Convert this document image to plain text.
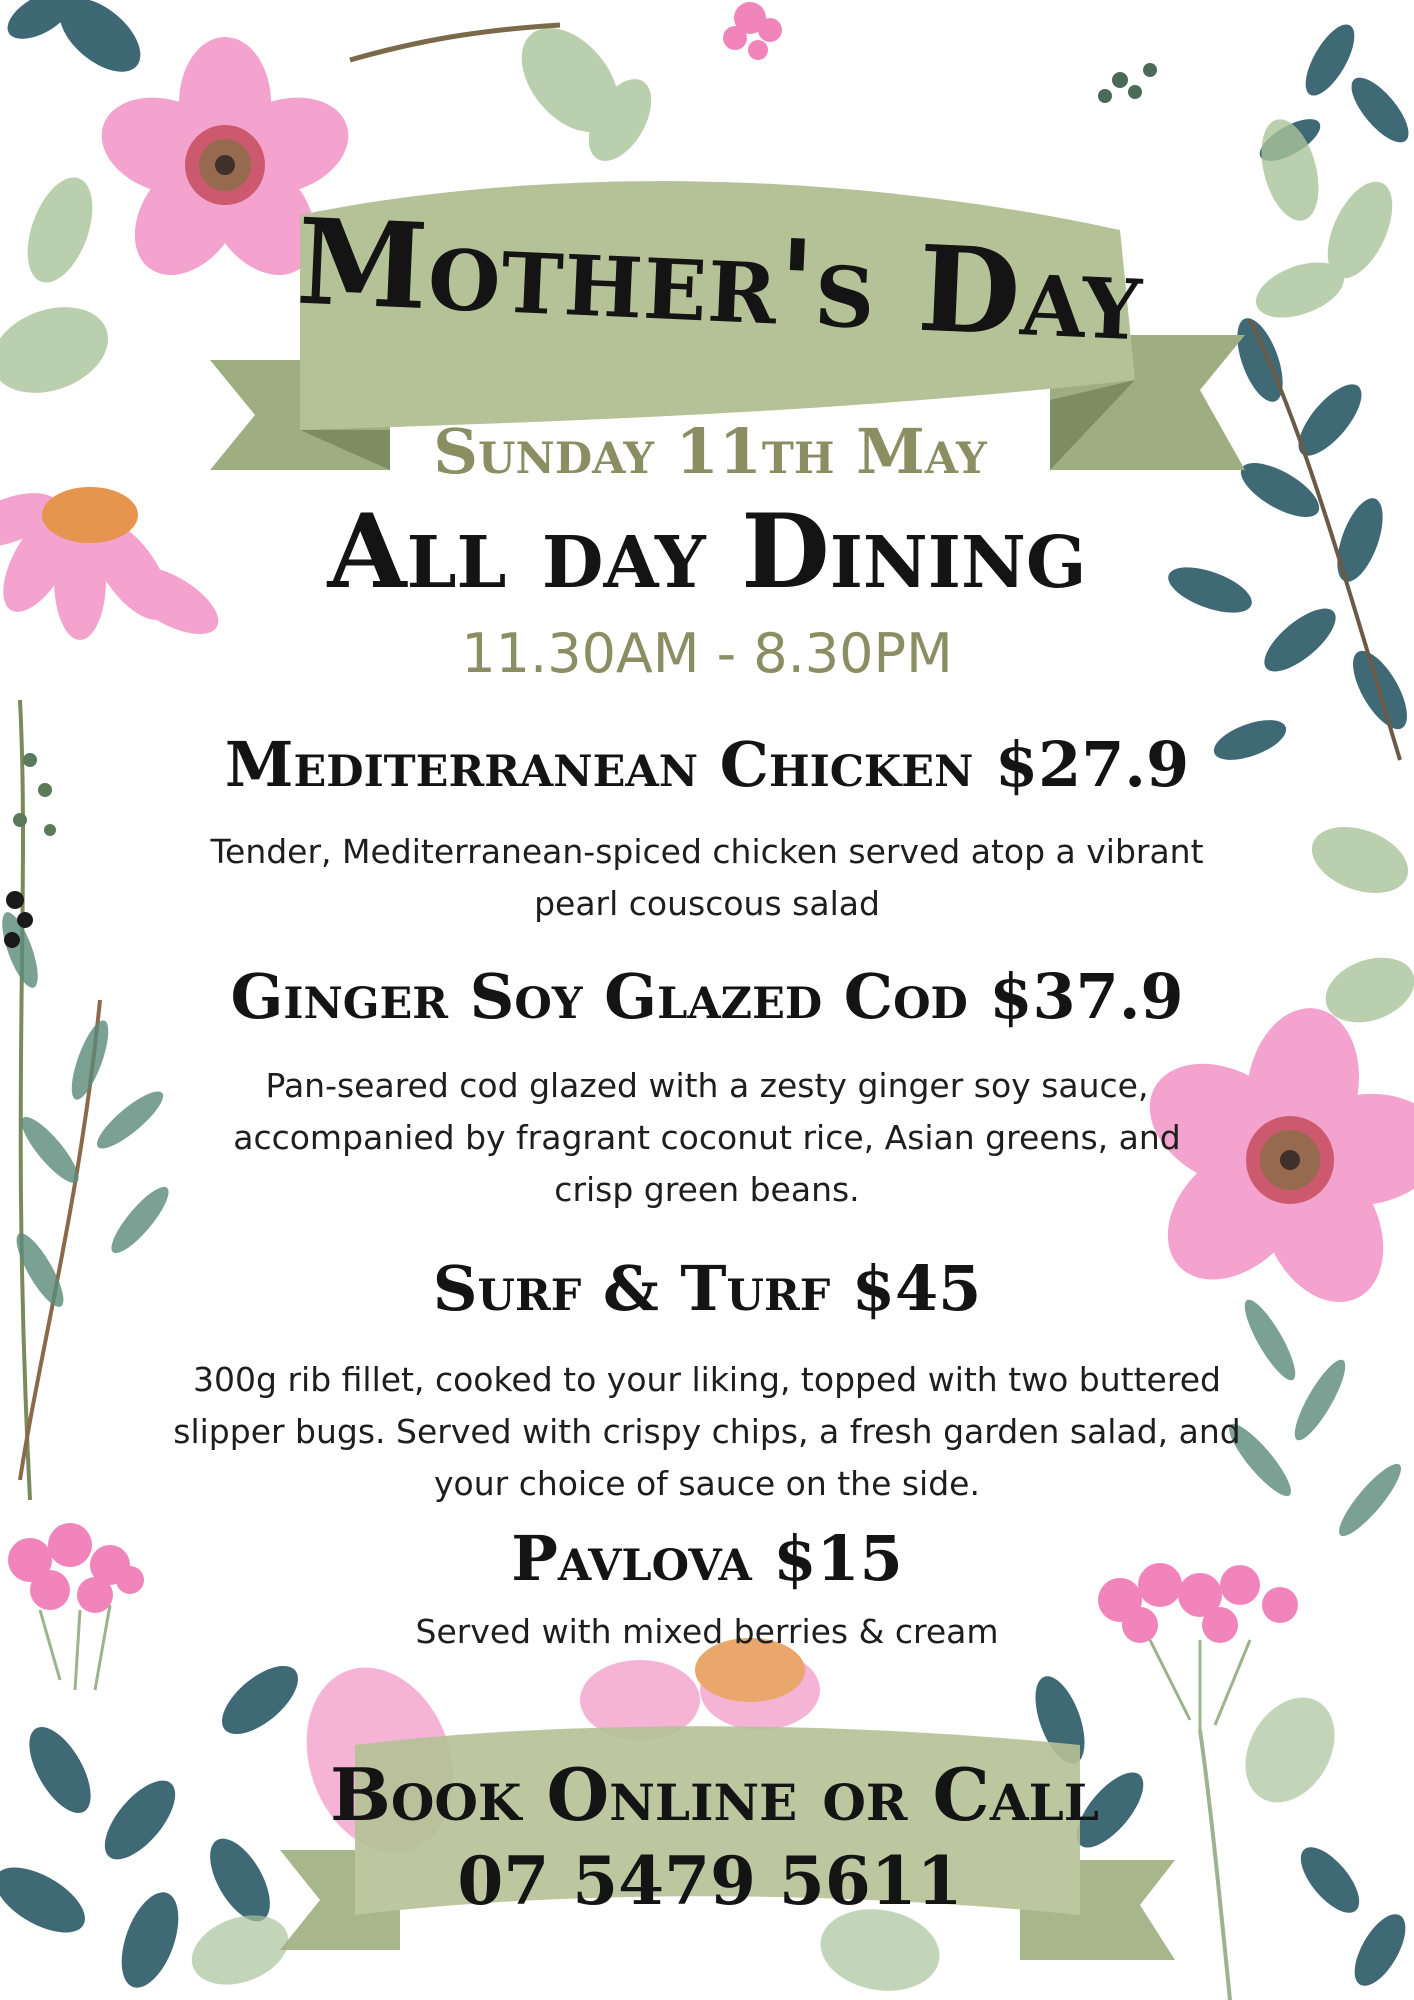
Mother's Day
Sunday 11th May
All day Dining
11.30AM - 8.30PM
Mediterranean Chicken $27.9
Tender, Mediterranean-spiced chicken served atop a vibrant pearl couscous salad
Ginger Soy Glazed Cod $37.9
Pan-seared cod glazed with a zesty ginger soy sauce, accompanied by fragrant coconut rice, Asian greens, and crisp green beans.
Surf & Turf $45
300g rib fillet, cooked to your liking, topped with two buttered slipper bugs. Served with crispy chips, a fresh garden salad, and your choice of sauce on the side.
Pavlova $15
Served with mixed berries & cream
Book Online or Call
07 5479 5611
